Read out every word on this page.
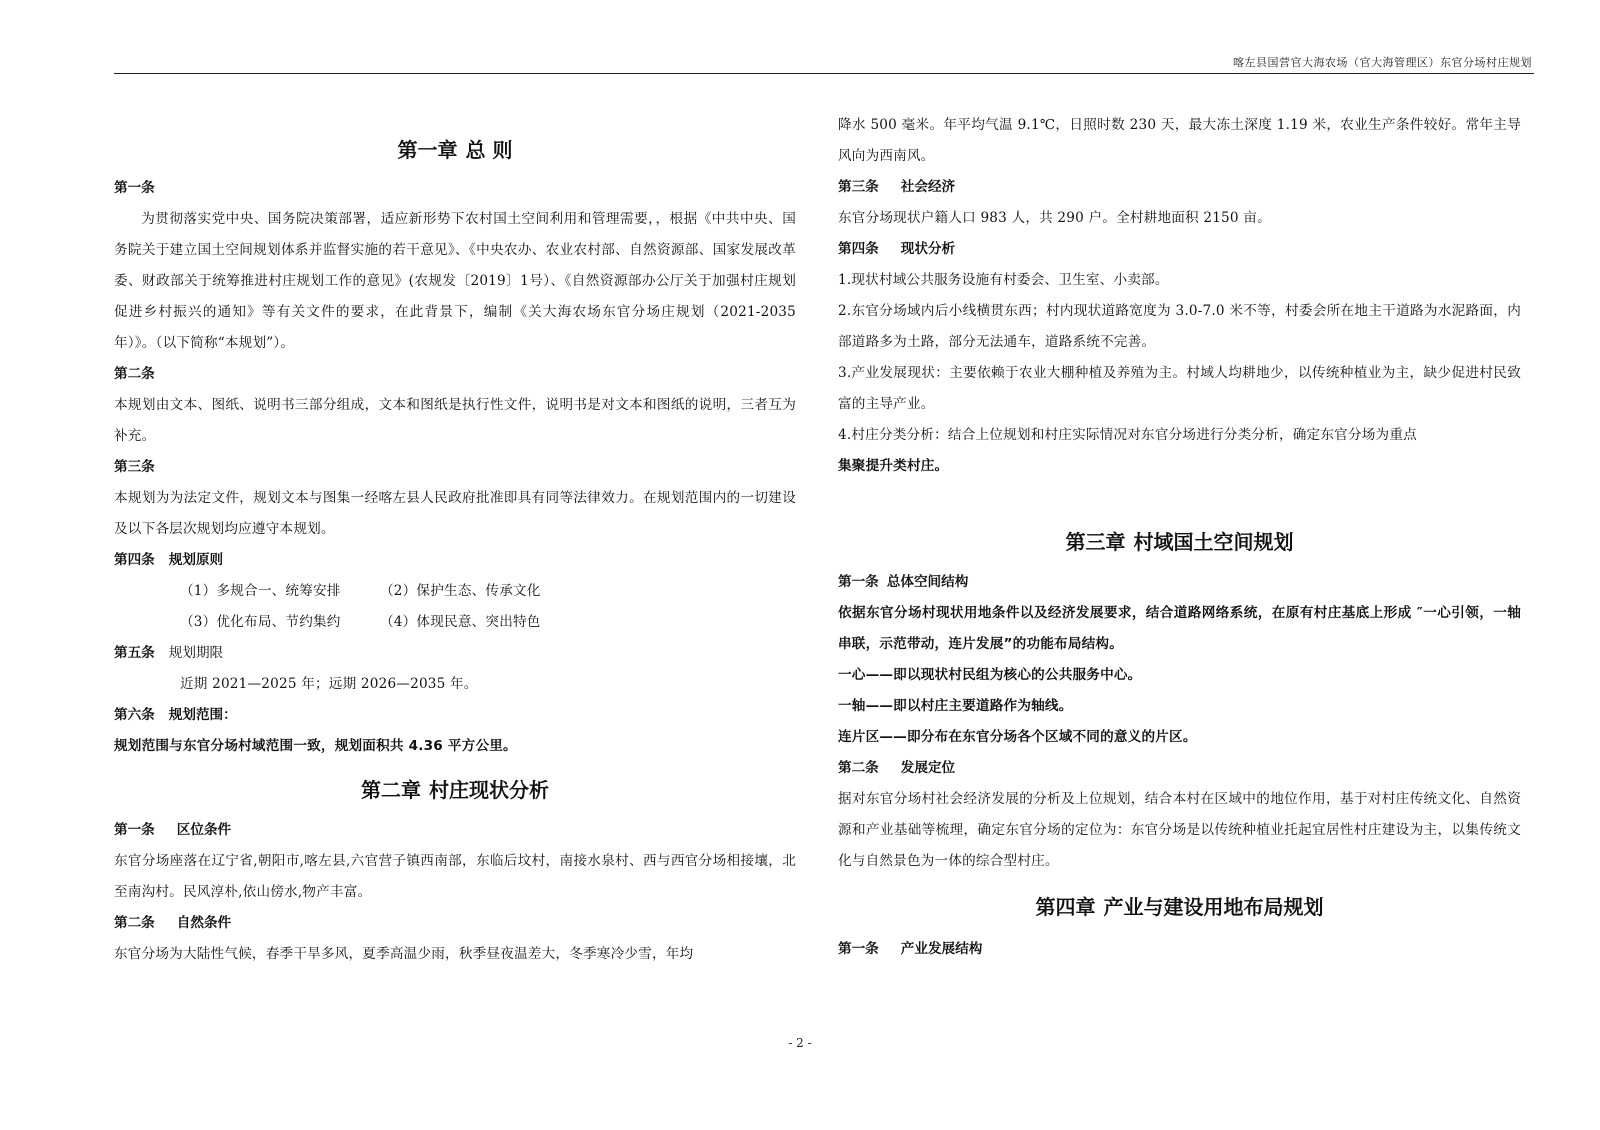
喀左县国营官大海农场（官大海管理区）东官分场村庄规划
第一章 总 则

第一条

为贯彻落实党中央、国务院决策部署，适应新形势下农村国土空间利用和管理需要，，根据《中共中央、国务院关于建立国土空间规划体系并监督实施的若干意见》、《中央农办、农业农村部、自然资源部、国家发展改革委、财政部关于统筹推进村庄规划工作的意见》(农规发〔2019〕1号）、《自然资源部办公厅关于加强村庄规划促进乡村振兴的通知》等有关文件的要求，在此背景下，编制《关大海农场东官分场庄规划（2021-2035年）》。（以下简称“本规划”）。

第二条

本规划由文本、图纸、说明书三部分组成，文本和图纸是执行性文件，说明书是对文本和图纸的说明，三者互为补充。

第三条

本规划为为法定文件，规划文本与图集一经喀左县人民政府批准即具有同等法律效力。在规划范围内的一切建设及以下各层次规划均应遵守本规划。

第四条 规划原则

（1）多规合一、统筹安排	（2）保护生态、传承文化

（3）优化布局、节约集约	（4）体现民意、突出特色

第五条 规划期限

近期 2021—2025 年；远期 2026—2035 年。

第六条 规划范围：

规划范围与东官分场村域范围一致，规划面积共 4.36 平方公里。

第二章 村庄现状分析

第一条 区位条件

东官分场座落在辽宁省,朝阳市,喀左县,六官营子镇西南部，东临后坟村，南接水泉村、西与西官分场相接壤，北至南沟村。民风淳朴,依山傍水,物产丰富。

第二条 自然条件

东官分场为大陆性气候，春季干旱多风，夏季高温少雨，秋季昼夜温差大，冬季寒冷少雪，年均

降水 500 毫米。年平均气温 9.1℃，日照时数 230 天，最大冻土深度 1.19 米，农业生产条件较好。常年主导风向为西南风。

第三条 社会经济

东官分场现状户籍人口 983 人，共 290 户。全村耕地面积 2150 亩。

第四条 现状分析

1.现状村域公共服务设施有村委会、卫生室、小卖部。

2.东官分场域内后小线横贯东西；村内现状道路宽度为 3.0-7.0 米不等，村委会所在地主干道路为水泥路面，内部道路多为土路，部分无法通车，道路系统不完善。

3.产业发展现状：主要依赖于农业大棚种植及养殖为主。村域人均耕地少，以传统种植业为主，缺少促进村民致富的主导产业。

4.村庄分类分析：结合上位规划和村庄实际情况对东官分场进行分类分析，确定东官分场为重点
集聚提升类村庄。

第三章 村域国土空间规划

第一条 总体空间结构

依据东官分场村现状用地条件以及经济发展要求，结合道路网络系统，在原有村庄基底上形成 ″一心引领，一轴串联，示范带动，连片发展”的功能布局结构。

一心——即以现状村民组为核心的公共服务中心。

一轴——即以村庄主要道路作为轴线。

连片区——即分布在东官分场各个区域不同的意义的片区。

第二条 发展定位

据对东官分场村社会经济发展的分析及上位规划，结合本村在区域中的地位作用，基于对村庄传统文化、自然资源和产业基础等梳理，确定东官分场的定位为：东官分场是以传统种植业托起宜居性村庄建设为主，以集传统文化与自然景色为一体的综合型村庄。

第四章 产业与建设用地布局规划

第一条 产业发展结构

- 2 -
